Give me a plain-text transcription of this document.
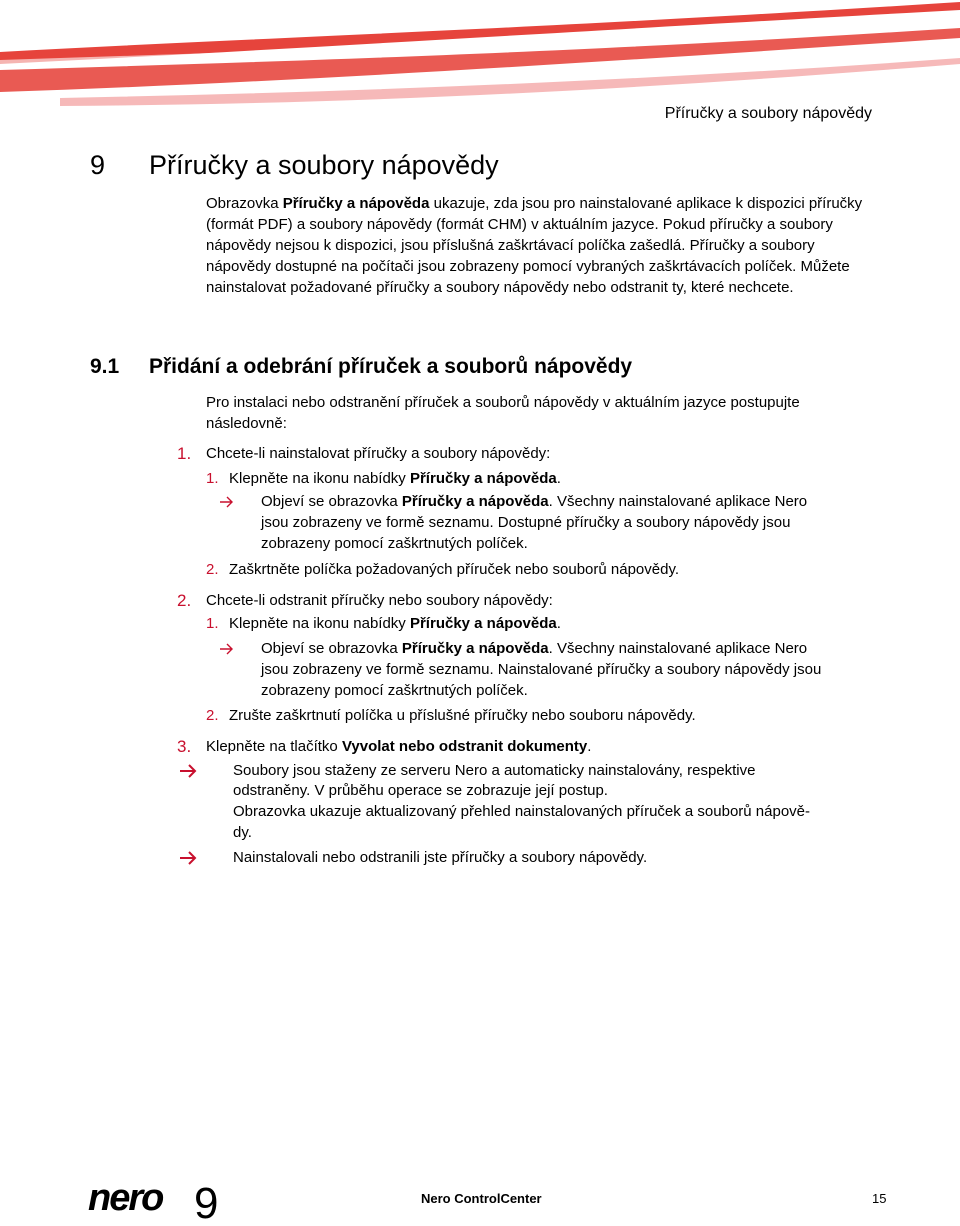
Příručky a soubory nápovědy
9 Příručky a soubory nápovědy
Obrazovka Příručky a nápověda ukazuje, zda jsou pro nainstalované aplikace k dispozici příručky (formát PDF) a soubory nápovědy (formát CHM) v aktuálním jazyce. Pokud příručky a soubory nápovědy nejsou k dispozici, jsou příslušná zaškrtávací políčka zašedlá. Příručky a soubory nápovědy dostupné na počítači jsou zobrazeny pomocí vybraných zaškrtávacích políček. Můžete nainstalovat požadované příručky a soubory nápovědy nebo odstranit ty, které nechcete.
9.1 Přidání a odebrání příruček a souborů nápovědy
Pro instalaci nebo odstranění příruček a souborů nápovědy v aktuálním jazyce postupujte
následovně:
1. Chcete-li nainstalovat příručky a soubory nápovědy:
1. Klepněte na ikonu nabídky Příručky a nápověda.
Objeví se obrazovka Příručky a nápověda. Všechny nainstalované aplikace Nero
jsou zobrazeny ve formě seznamu. Dostupné příručky a soubory nápovědy jsou
zobrazeny pomocí zaškrtnutých políček.
2. Zaškrtněte políčka požadovaných příruček nebo souborů nápovědy.
2. Chcete-li odstranit příručky nebo soubory nápovědy:
1. Klepněte na ikonu nabídky Příručky a nápověda.
Objeví se obrazovka Příručky a nápověda. Všechny nainstalované aplikace Nero
jsou zobrazeny ve formě seznamu. Nainstalované příručky a soubory nápovědy jsou
zobrazeny pomocí zaškrtnutých políček.
2. Zrušte zaškrtnutí políčka u příslušné příručky nebo souboru nápovědy.
3. Klepněte na tlačítko Vyvolat nebo odstranit dokumenty.
Soubory jsou staženy ze serveru Nero a automaticky nainstalovány, respektive
odstraněny. V průběhu operace se zobrazuje její postup.
Obrazovka ukazuje aktualizovaný přehled nainstalovaných příruček a souborů nápově-
dy.
Nainstalovali nebo odstranili jste příručky a soubory nápovědy.
nero 9	Nero ControlCenter	15
